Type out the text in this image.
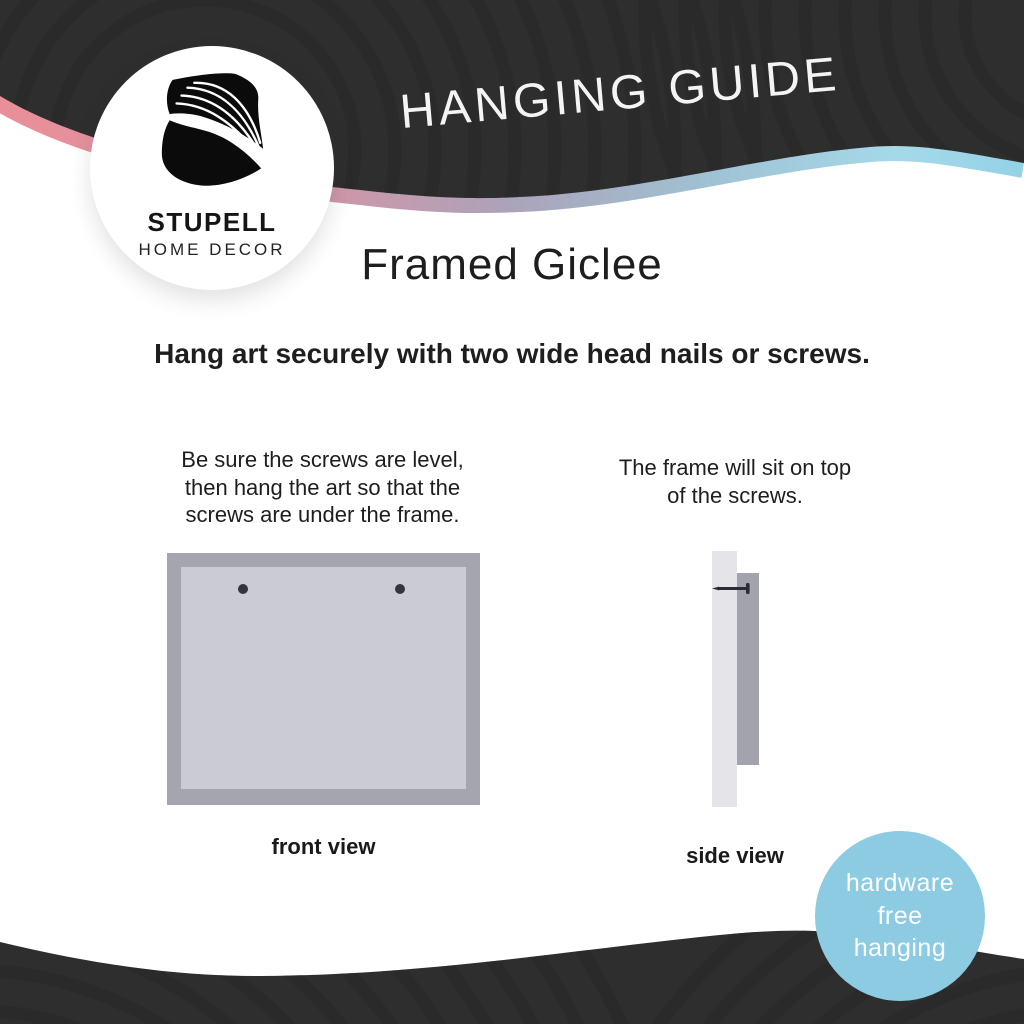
STUPELL
HOME DECOR
HANGING GUIDE
Framed Giclee
Hang art securely with two wide head nails or screws.
Be sure the screws are level,
then hang the art so that the
screws are under the frame.
front view
The frame will sit on top
of the screws.
side view
hardware
free
hanging
